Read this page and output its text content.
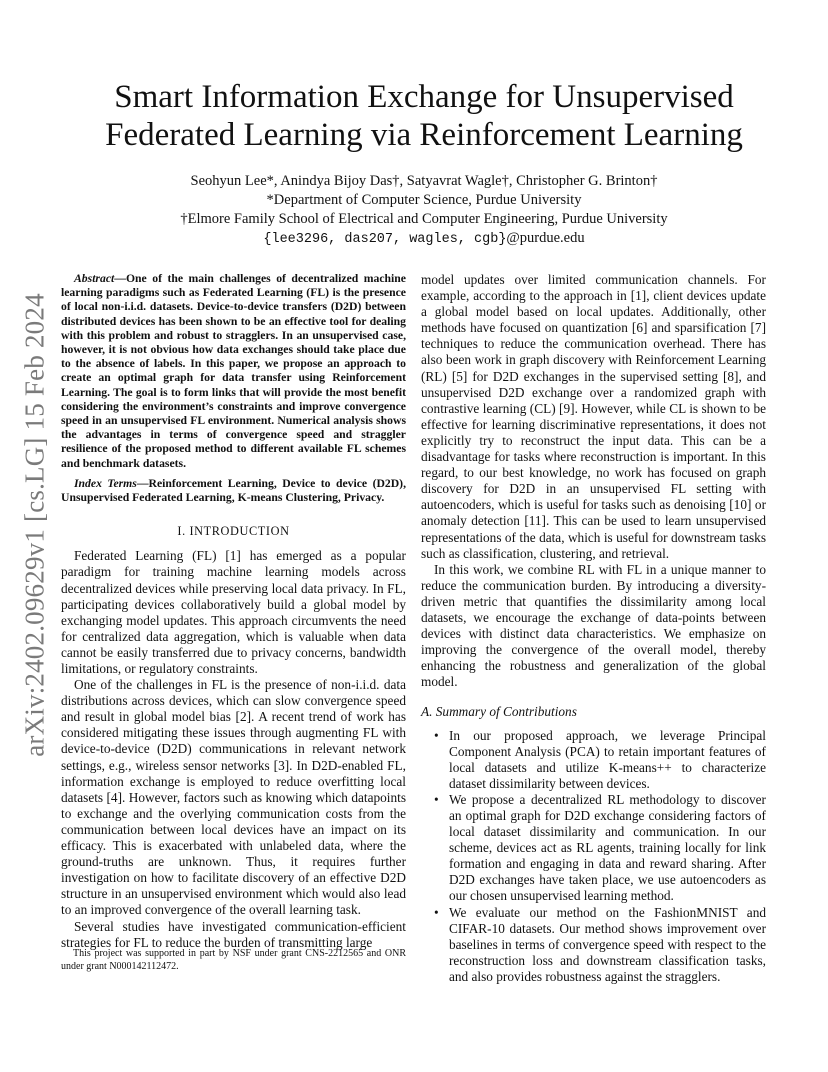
arXiv:2402.09629v1 [cs.LG] 15 Feb 2024
Smart Information Exchange for Unsupervised
Federated Learning via Reinforcement Learning
Seohyun Lee*, Anindya Bijoy Das†, Satyavrat Wagle†, Christopher G. Brinton†
*Department of Computer Science, Purdue University
†Elmore Family School of Electrical and Computer Engineering, Purdue University
{lee3296, das207, wagles, cgb}@purdue.edu

Abstract—One of the main challenges of decentralized machine learning paradigms such as Federated Learning (FL) is the presence of local non-i.i.d. datasets. Device-to-device transfers (D2D) between distributed devices has been shown to be an effective tool for dealing with this problem and robust to stragglers. In an unsupervised case, however, it is not obvious how data exchanges should take place due to the absence of labels. In this paper, we propose an approach to create an optimal graph for data transfer using Reinforcement Learning. The goal is to form links that will provide the most benefit considering the environment’s constraints and improve convergence speed in an unsupervised FL environment. Numerical analysis shows the advantages in terms of convergence speed and straggler resilience of the proposed method to different available FL schemes and benchmark datasets.

Index Terms—Reinforcement Learning, Device to device (D2D), Unsupervised Federated Learning, K-means Clustering, Privacy.

I. INTRODUCTION

Federated Learning (FL) [1] has emerged as a popular paradigm for training machine learning models across decentralized devices while preserving local data privacy. In FL, participating devices collaboratively build a global model by exchanging model updates. This approach circumvents the need for centralized data aggregation, which is valuable when data cannot be easily transferred due to privacy concerns, bandwidth limitations, or regulatory constraints.

One of the challenges in FL is the presence of non-i.i.d. data distributions across devices, which can slow convergence speed and result in global model bias [2]. A recent trend of work has considered mitigating these issues through augmenting FL with device-to-device (D2D) communications in relevant network settings, e.g., wireless sensor networks [3]. In D2D-enabled FL, information exchange is employed to reduce overfitting local datasets [4]. However, factors such as knowing which datapoints to exchange and the overlying communication costs from the communication between local devices have an impact on its efficacy. This is exacerbated with unlabeled data, where the ground-truths are unknown. Thus, it requires further investigation on how to facilitate discovery of an effective D2D structure in an unsupervised environment which would also lead to an improved convergence of the overall learning task.

Several studies have investigated communication-efficient strategies for FL to reduce the burden of transmitting large

This project was supported in part by NSF under grant CNS-2212565 and ONR under grant N000142112472.

model updates over limited communication channels. For example, according to the approach in [1], client devices update a global model based on local updates. Additionally, other methods have focused on quantization [6] and sparsification [7] techniques to reduce the communication overhead. There has also been work in graph discovery with Reinforcement Learning (RL) [5] for D2D exchanges in the supervised setting [8], and unsupervised D2D exchange over a randomized graph with contrastive learning (CL) [9]. However, while CL is shown to be effective for learning discriminative representations, it does not explicitly try to reconstruct the input data. This can be a disadvantage for tasks where reconstruction is important. In this regard, to our best knowledge, no work has focused on graph discovery for D2D in an unsupervised FL setting with autoencoders, which is useful for tasks such as denoising [10] or anomaly detection [11]. This can be used to learn unsupervised representations of the data, which is useful for downstream tasks such as classification, clustering, and retrieval.

In this work, we combine RL with FL in a unique manner to reduce the communication burden. By introducing a diversity-driven metric that quantifies the dissimilarity among local datasets, we encourage the exchange of data-points between devices with distinct data characteristics. We emphasize on improving the convergence of the overall model, thereby enhancing the robustness and generalization of the global model.

A. Summary of Contributions
• In our proposed approach, we leverage Principal Component Analysis (PCA) to retain important features of local datasets and utilize K-means++ to characterize dataset dissimilarity between devices.
• We propose a decentralized RL methodology to discover an optimal graph for D2D exchange considering factors of local dataset dissimilarity and communication. In our scheme, devices act as RL agents, training locally for link formation and engaging in data and reward sharing. After D2D exchanges have taken place, we use autoencoders as our chosen unsupervised learning method.
• We evaluate our method on the FashionMNIST and CIFAR-10 datasets. Our method shows improvement over baselines in terms of convergence speed with respect to the reconstruction loss and downstream classification tasks, and also provides robustness against the stragglers.
